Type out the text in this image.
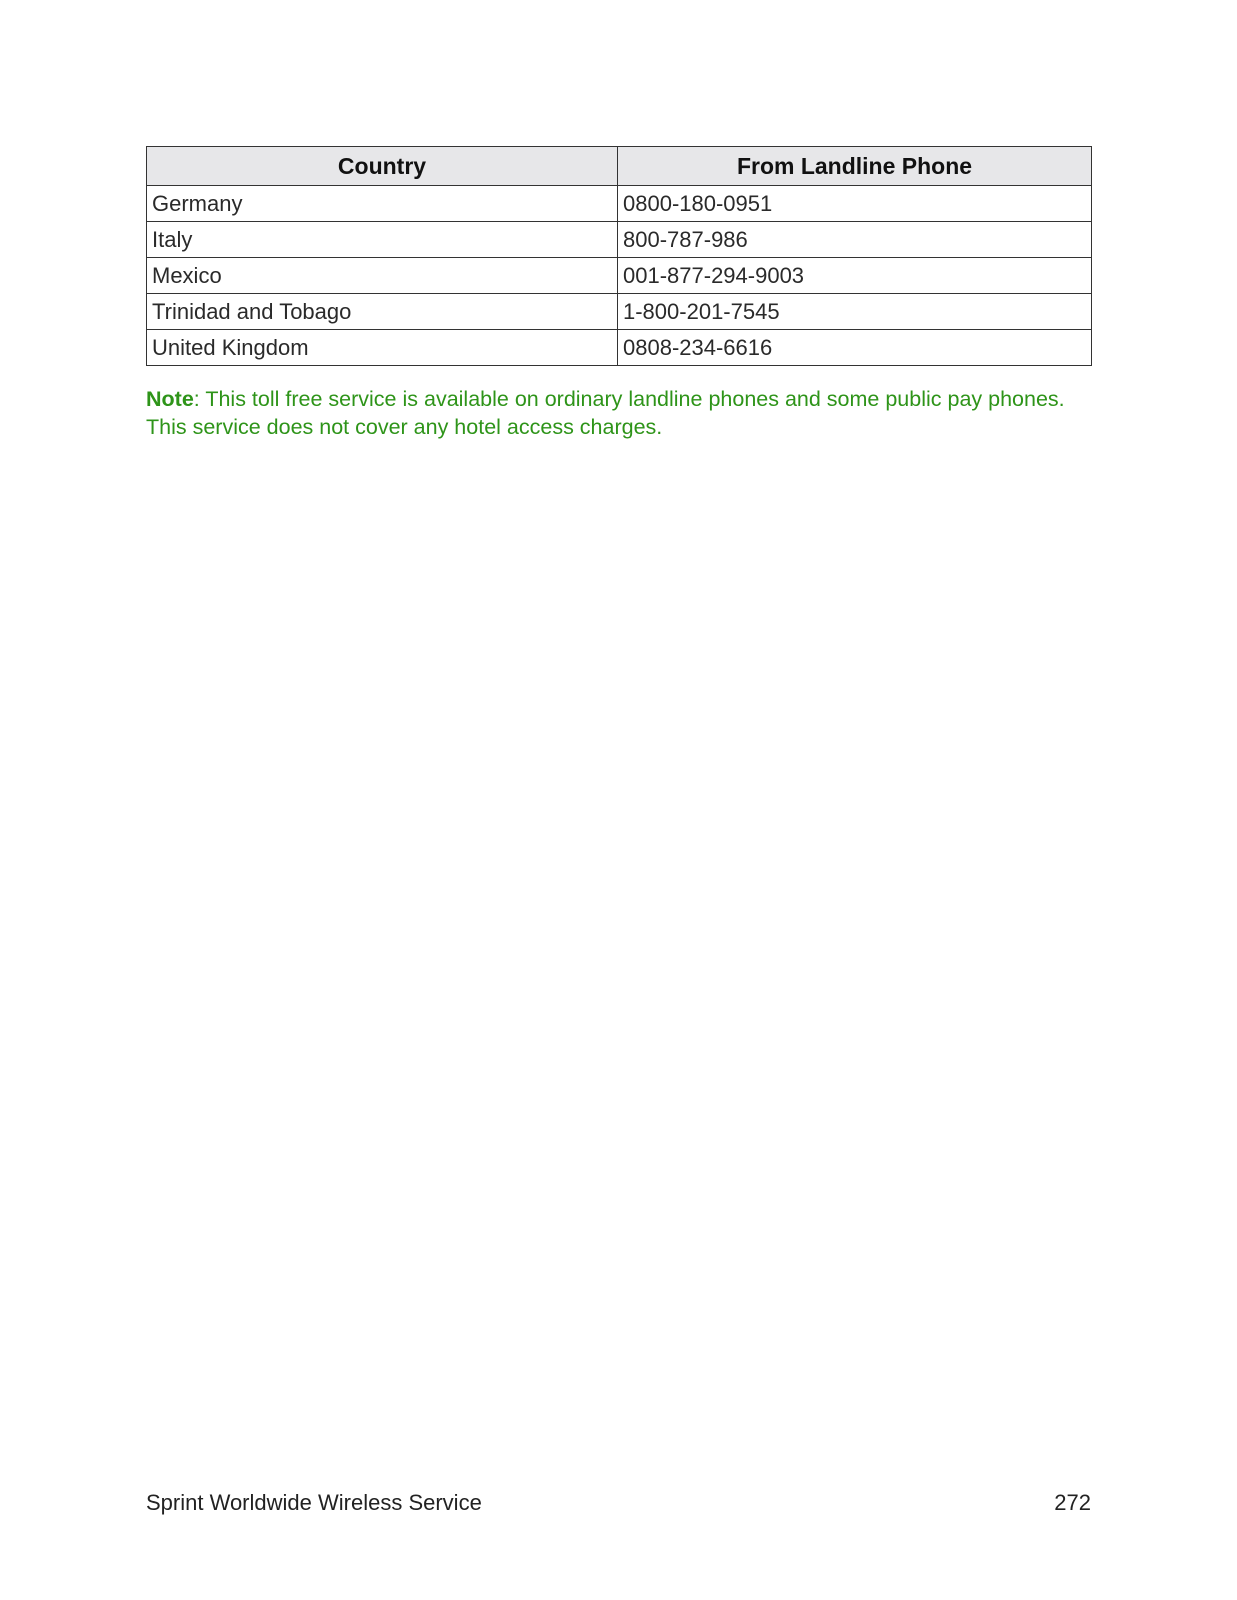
Country	From Landline Phone
Germany	0800-180-0951
Italy	800-787-986
Mexico	001-877-294-9003
Trinidad and Tobago	1-800-201-7545
United Kingdom	0808-234-6616
Note: This toll free service is available on ordinary landline phones and some public pay phones. This service does not cover any hotel access charges.
Sprint Worldwide Wireless Service	272
